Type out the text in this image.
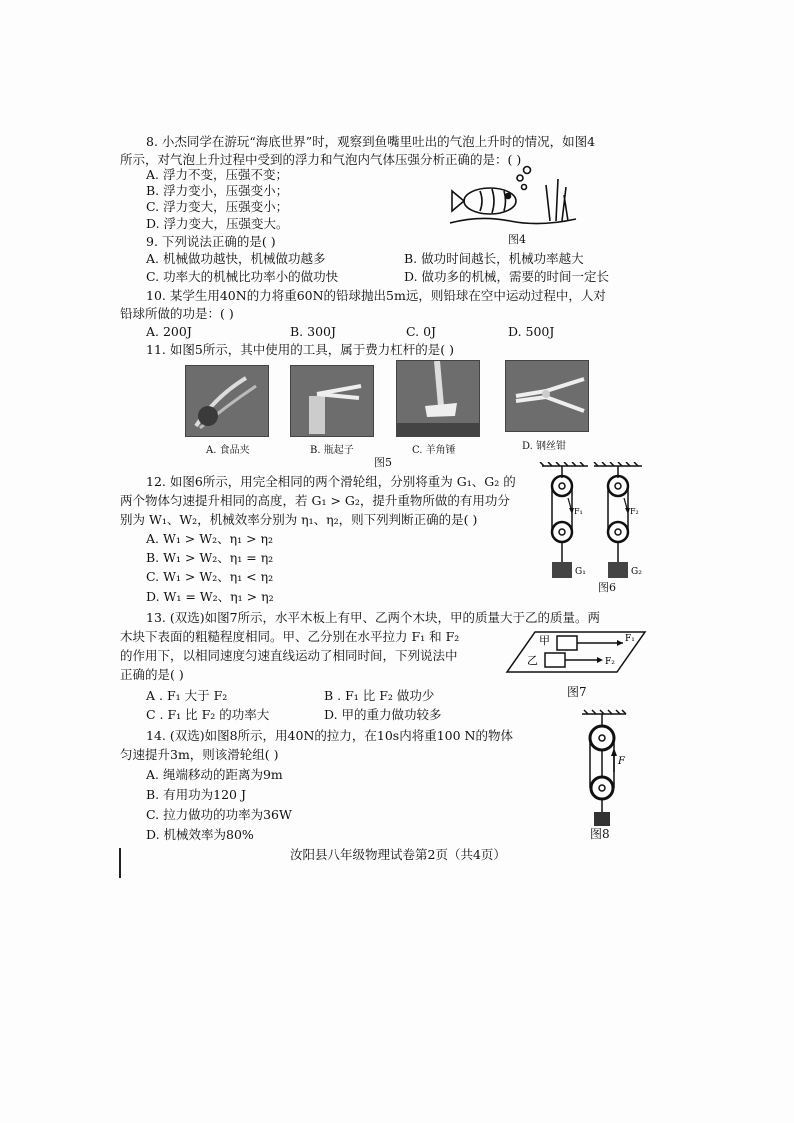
8. 小杰同学在游玩“海底世界”时，观察到鱼嘴里吐出的气泡上升时的情况，如图4
所示，对气泡上升过程中受到的浮力和气泡内气体压强分析正确的是：( )
A. 浮力不变，压强不变；
B. 浮力变小，压强变小；
C. 浮力变大，压强变小；
D. 浮力变大，压强变大。
图4
9. 下列说法正确的是( )
A. 机械做功越快，机械做功越多	B. 做功时间越长，机械功率越大
C. 功率大的机械比功率小的做功快	D. 做功多的机械，需要的时间一定长
10. 某学生用40N的力将重60N的铅球抛出5m远，则铅球在空中运动过程中，人对
铅球所做的功是：( )
A. 200J	B. 300J	C. 0J	D. 500J
11. 如图5所示，其中使用的工具，属于费力杠杆的是( )
A. 食品夹	B. 瓶起子	C. 羊角锤	D. 钢丝钳
图5
12. 如图6所示，用完全相同的两个滑轮组，分别将重为 G₁、G₂ 的
两个物体匀速提升相同的高度，若 G₁ > G₂，提升重物所做的有用功分
别为 W₁、W₂，机械效率分别为 η₁、η₂，则下列判断正确的是( )
A. W₁ > W₂、η₁ > η₂
B. W₁ > W₂、η₁ = η₂
C. W₁ > W₂、η₁ < η₂
D. W₁ = W₂、η₁ > η₂
F₁	F₂
G₁	G₂
图6
13. (双选)如图7所示，水平木板上有甲、乙两个木块，甲的质量大于乙的质量。两
木块下表面的粗糙程度相同。甲、乙分别在水平拉力 F₁ 和 F₂
的作用下，以相同速度匀速直线运动了相同时间，下列说法中
正确的是( )
A . F₁ 大于 F₂	B . F₁ 比 F₂ 做功少
C . F₁ 比 F₂ 的功率大	D. 甲的重力做功较多
甲
乙
F₁
F₂
图7
14. (双选)如图8所示，用40N的拉力，在10s内将重100 N的物体
匀速提升3m，则该滑轮组( )
A. 绳端移动的距离为9m
B. 有用功为120 J
C. 拉力做功的功率为36W
D. 机械效率为80%
F
图8
汝阳县八年级物理试卷第2页（共4页）
